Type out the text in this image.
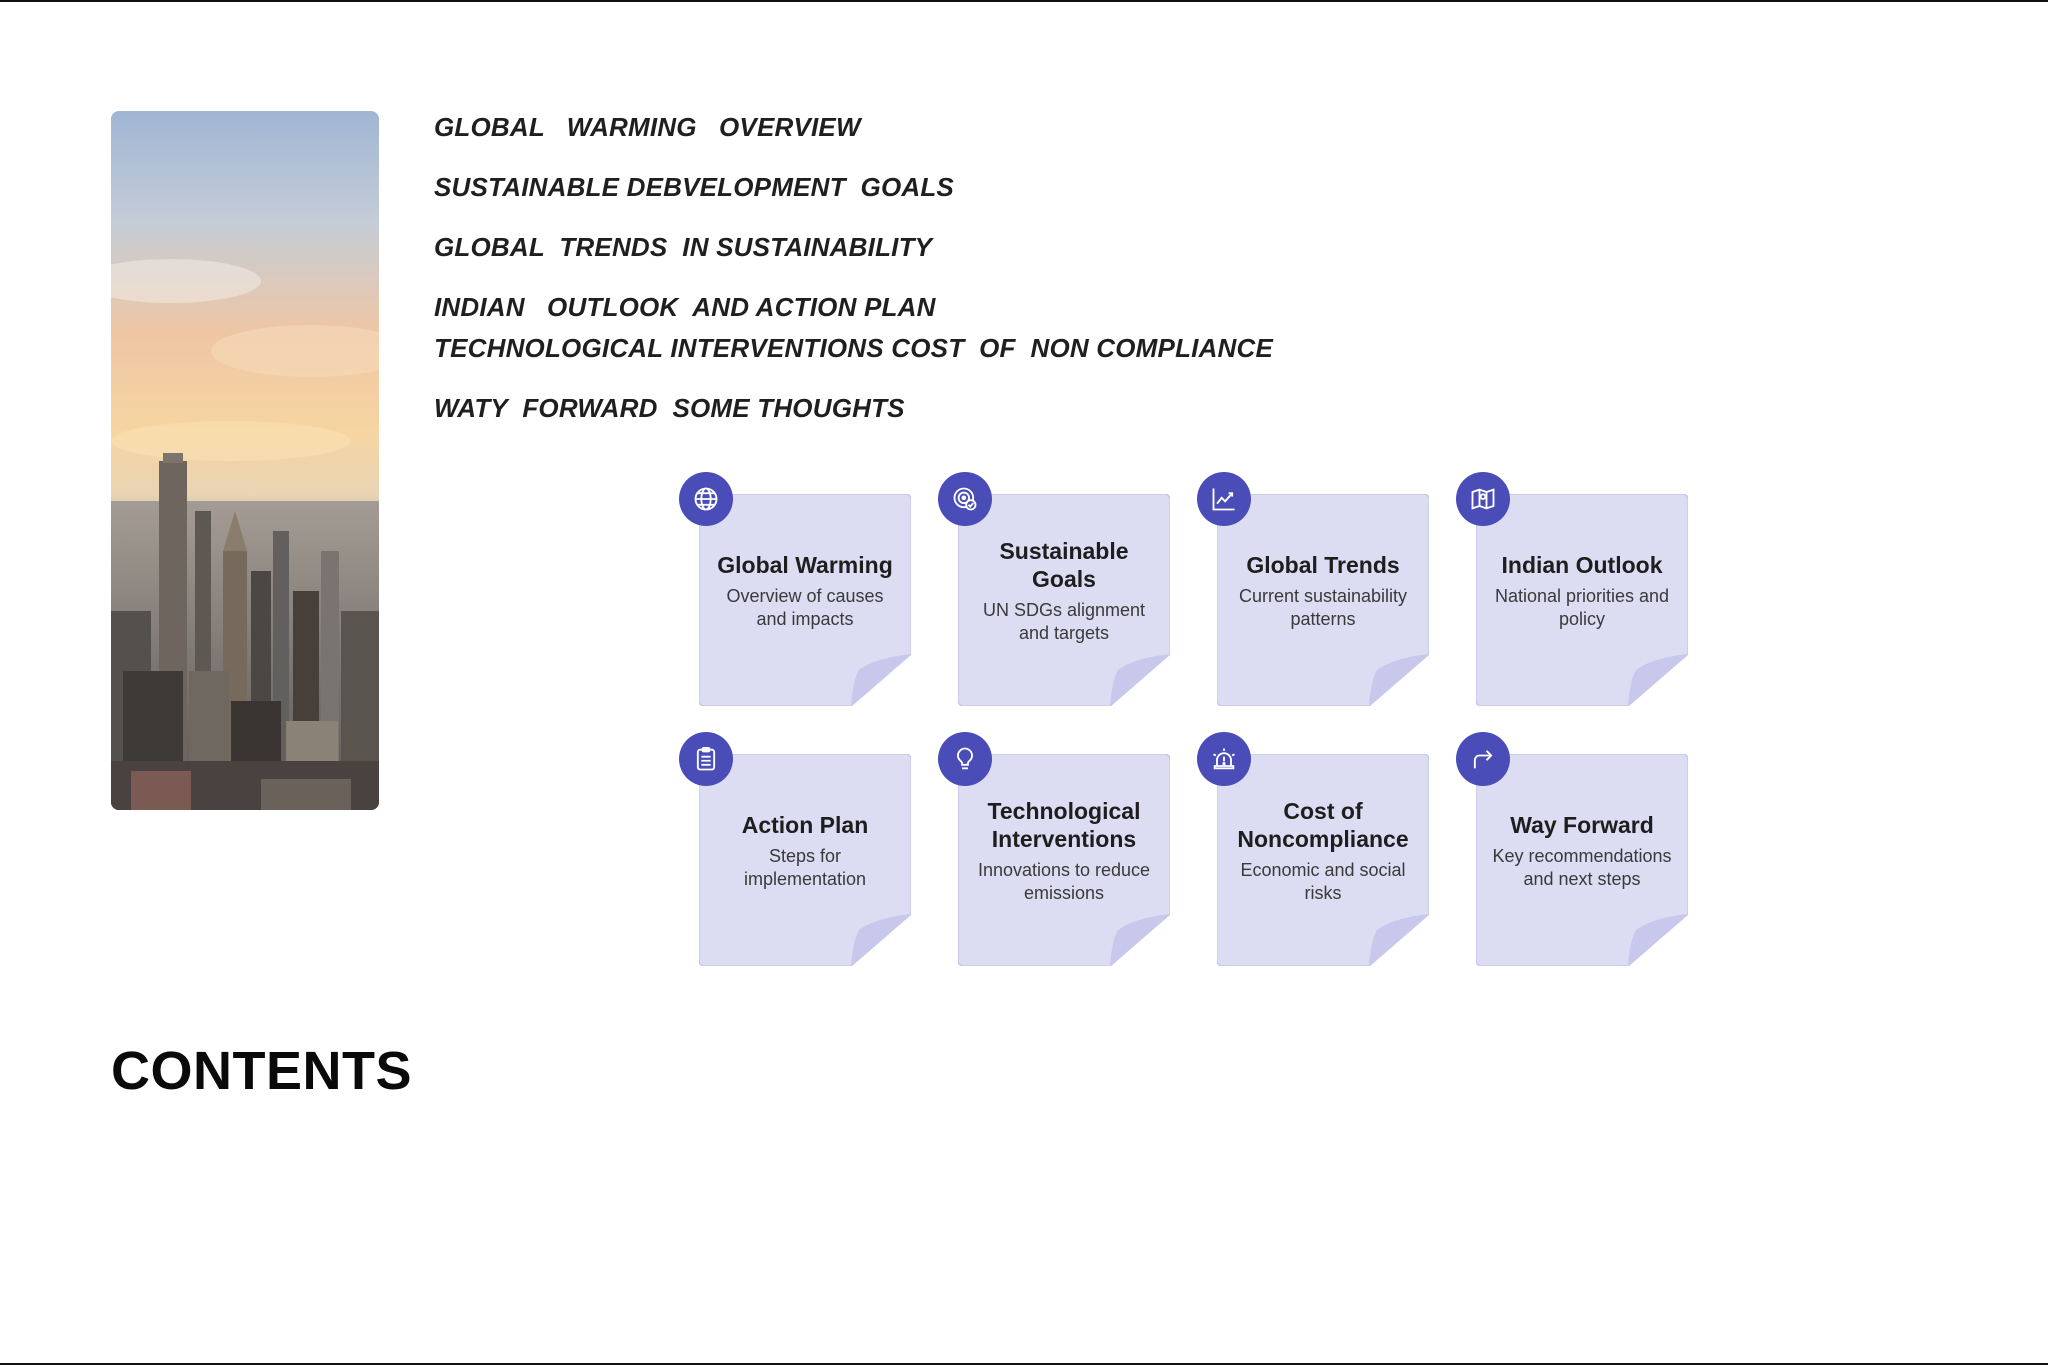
GLOBAL   WARMING   OVERVIEW

SUSTAINABLE DEBVELOPMENT  GOALS

GLOBAL  TRENDS  IN SUSTAINABILITY

INDIAN   OUTLOOK  AND ACTION PLAN

TECHNOLOGICAL INTERVENTIONS COST  OF  NON COMPLIANCE

WATY  FORWARD  SOME THOUGHTS

Global Warming
Overview of causes and impacts
Sustainable Goals
UN SDGs alignment and targets
Global Trends
Current sustainability patterns
Indian Outlook
National priorities and policy
Action Plan
Steps for implementation
Technological Interventions
Innovations to reduce emissions
Cost of Noncompliance
Economic and social risks
Way Forward
Key recommendations and next steps
CONTENTS
